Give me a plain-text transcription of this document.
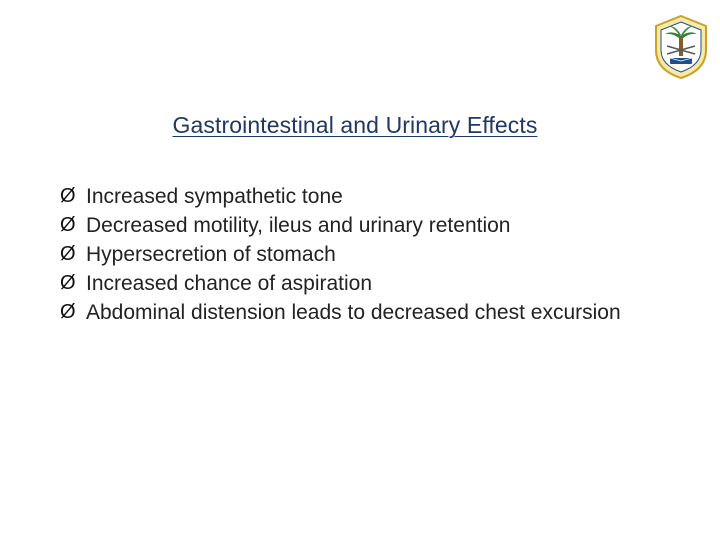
Gastrointestinal and Urinary Effects
Ø Increased sympathetic tone
Ø Decreased motility, ileus and urinary retention
Ø Hypersecretion of stomach
Ø Increased chance of aspiration
Ø Abdominal distension leads to decreased chest excursion
